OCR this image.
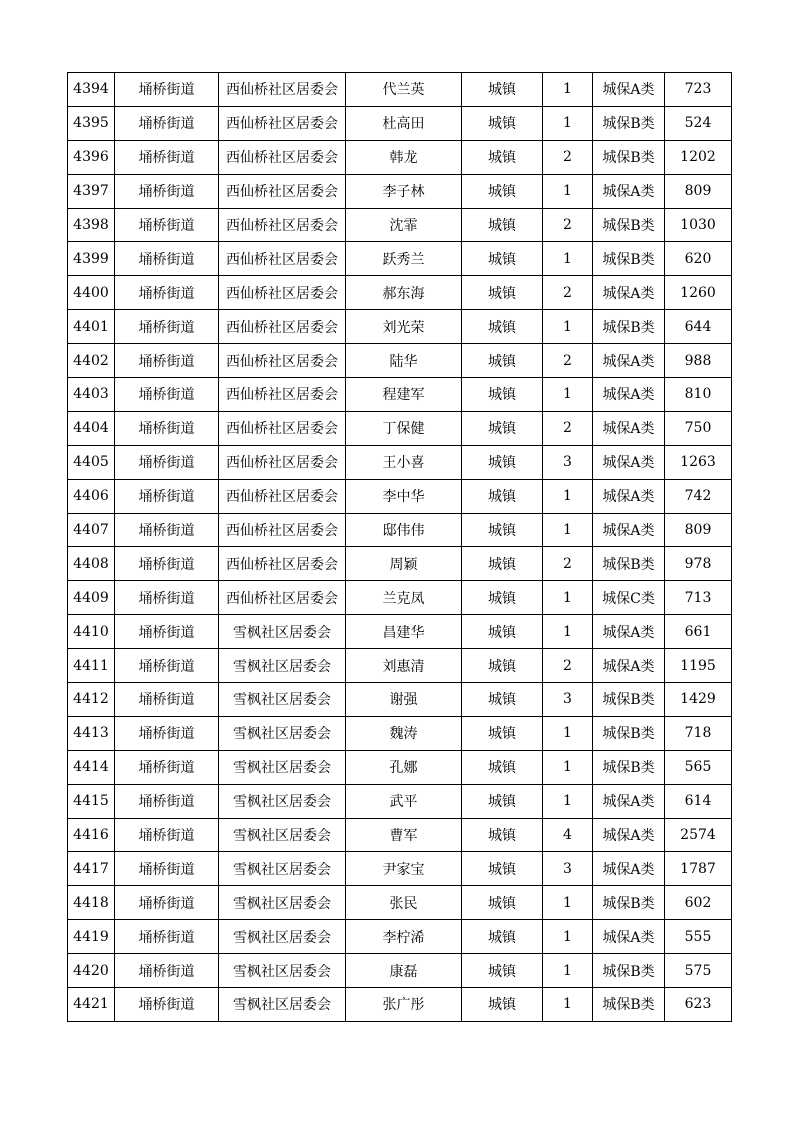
4394	埇桥街道	西仙桥社区居委会	代兰英	城镇	1	城保A类	723
4395	埇桥街道	西仙桥社区居委会	杜高田	城镇	1	城保B类	524
4396	埇桥街道	西仙桥社区居委会	韩龙	城镇	2	城保B类	1202
4397	埇桥街道	西仙桥社区居委会	李子林	城镇	1	城保A类	809
4398	埇桥街道	西仙桥社区居委会	沈霏	城镇	2	城保B类	1030
4399	埇桥街道	西仙桥社区居委会	跃秀兰	城镇	1	城保B类	620
4400	埇桥街道	西仙桥社区居委会	郝东海	城镇	2	城保A类	1260
4401	埇桥街道	西仙桥社区居委会	刘光荣	城镇	1	城保B类	644
4402	埇桥街道	西仙桥社区居委会	陆华	城镇	2	城保A类	988
4403	埇桥街道	西仙桥社区居委会	程建军	城镇	1	城保A类	810
4404	埇桥街道	西仙桥社区居委会	丁保健	城镇	2	城保A类	750
4405	埇桥街道	西仙桥社区居委会	王小喜	城镇	3	城保A类	1263
4406	埇桥街道	西仙桥社区居委会	李中华	城镇	1	城保A类	742
4407	埇桥街道	西仙桥社区居委会	邸伟伟	城镇	1	城保A类	809
4408	埇桥街道	西仙桥社区居委会	周颖	城镇	2	城保B类	978
4409	埇桥街道	西仙桥社区居委会	兰克凤	城镇	1	城保C类	713
4410	埇桥街道	雪枫社区居委会	昌建华	城镇	1	城保A类	661
4411	埇桥街道	雪枫社区居委会	刘惠清	城镇	2	城保A类	1195
4412	埇桥街道	雪枫社区居委会	谢强	城镇	3	城保B类	1429
4413	埇桥街道	雪枫社区居委会	魏涛	城镇	1	城保B类	718
4414	埇桥街道	雪枫社区居委会	孔娜	城镇	1	城保B类	565
4415	埇桥街道	雪枫社区居委会	武平	城镇	1	城保A类	614
4416	埇桥街道	雪枫社区居委会	曹军	城镇	4	城保A类	2574
4417	埇桥街道	雪枫社区居委会	尹家宝	城镇	3	城保A类	1787
4418	埇桥街道	雪枫社区居委会	张民	城镇	1	城保B类	602
4419	埇桥街道	雪枫社区居委会	李柠浠	城镇	1	城保A类	555
4420	埇桥街道	雪枫社区居委会	康磊	城镇	1	城保B类	575
4421	埇桥街道	雪枫社区居委会	张广彤	城镇	1	城保B类	623
